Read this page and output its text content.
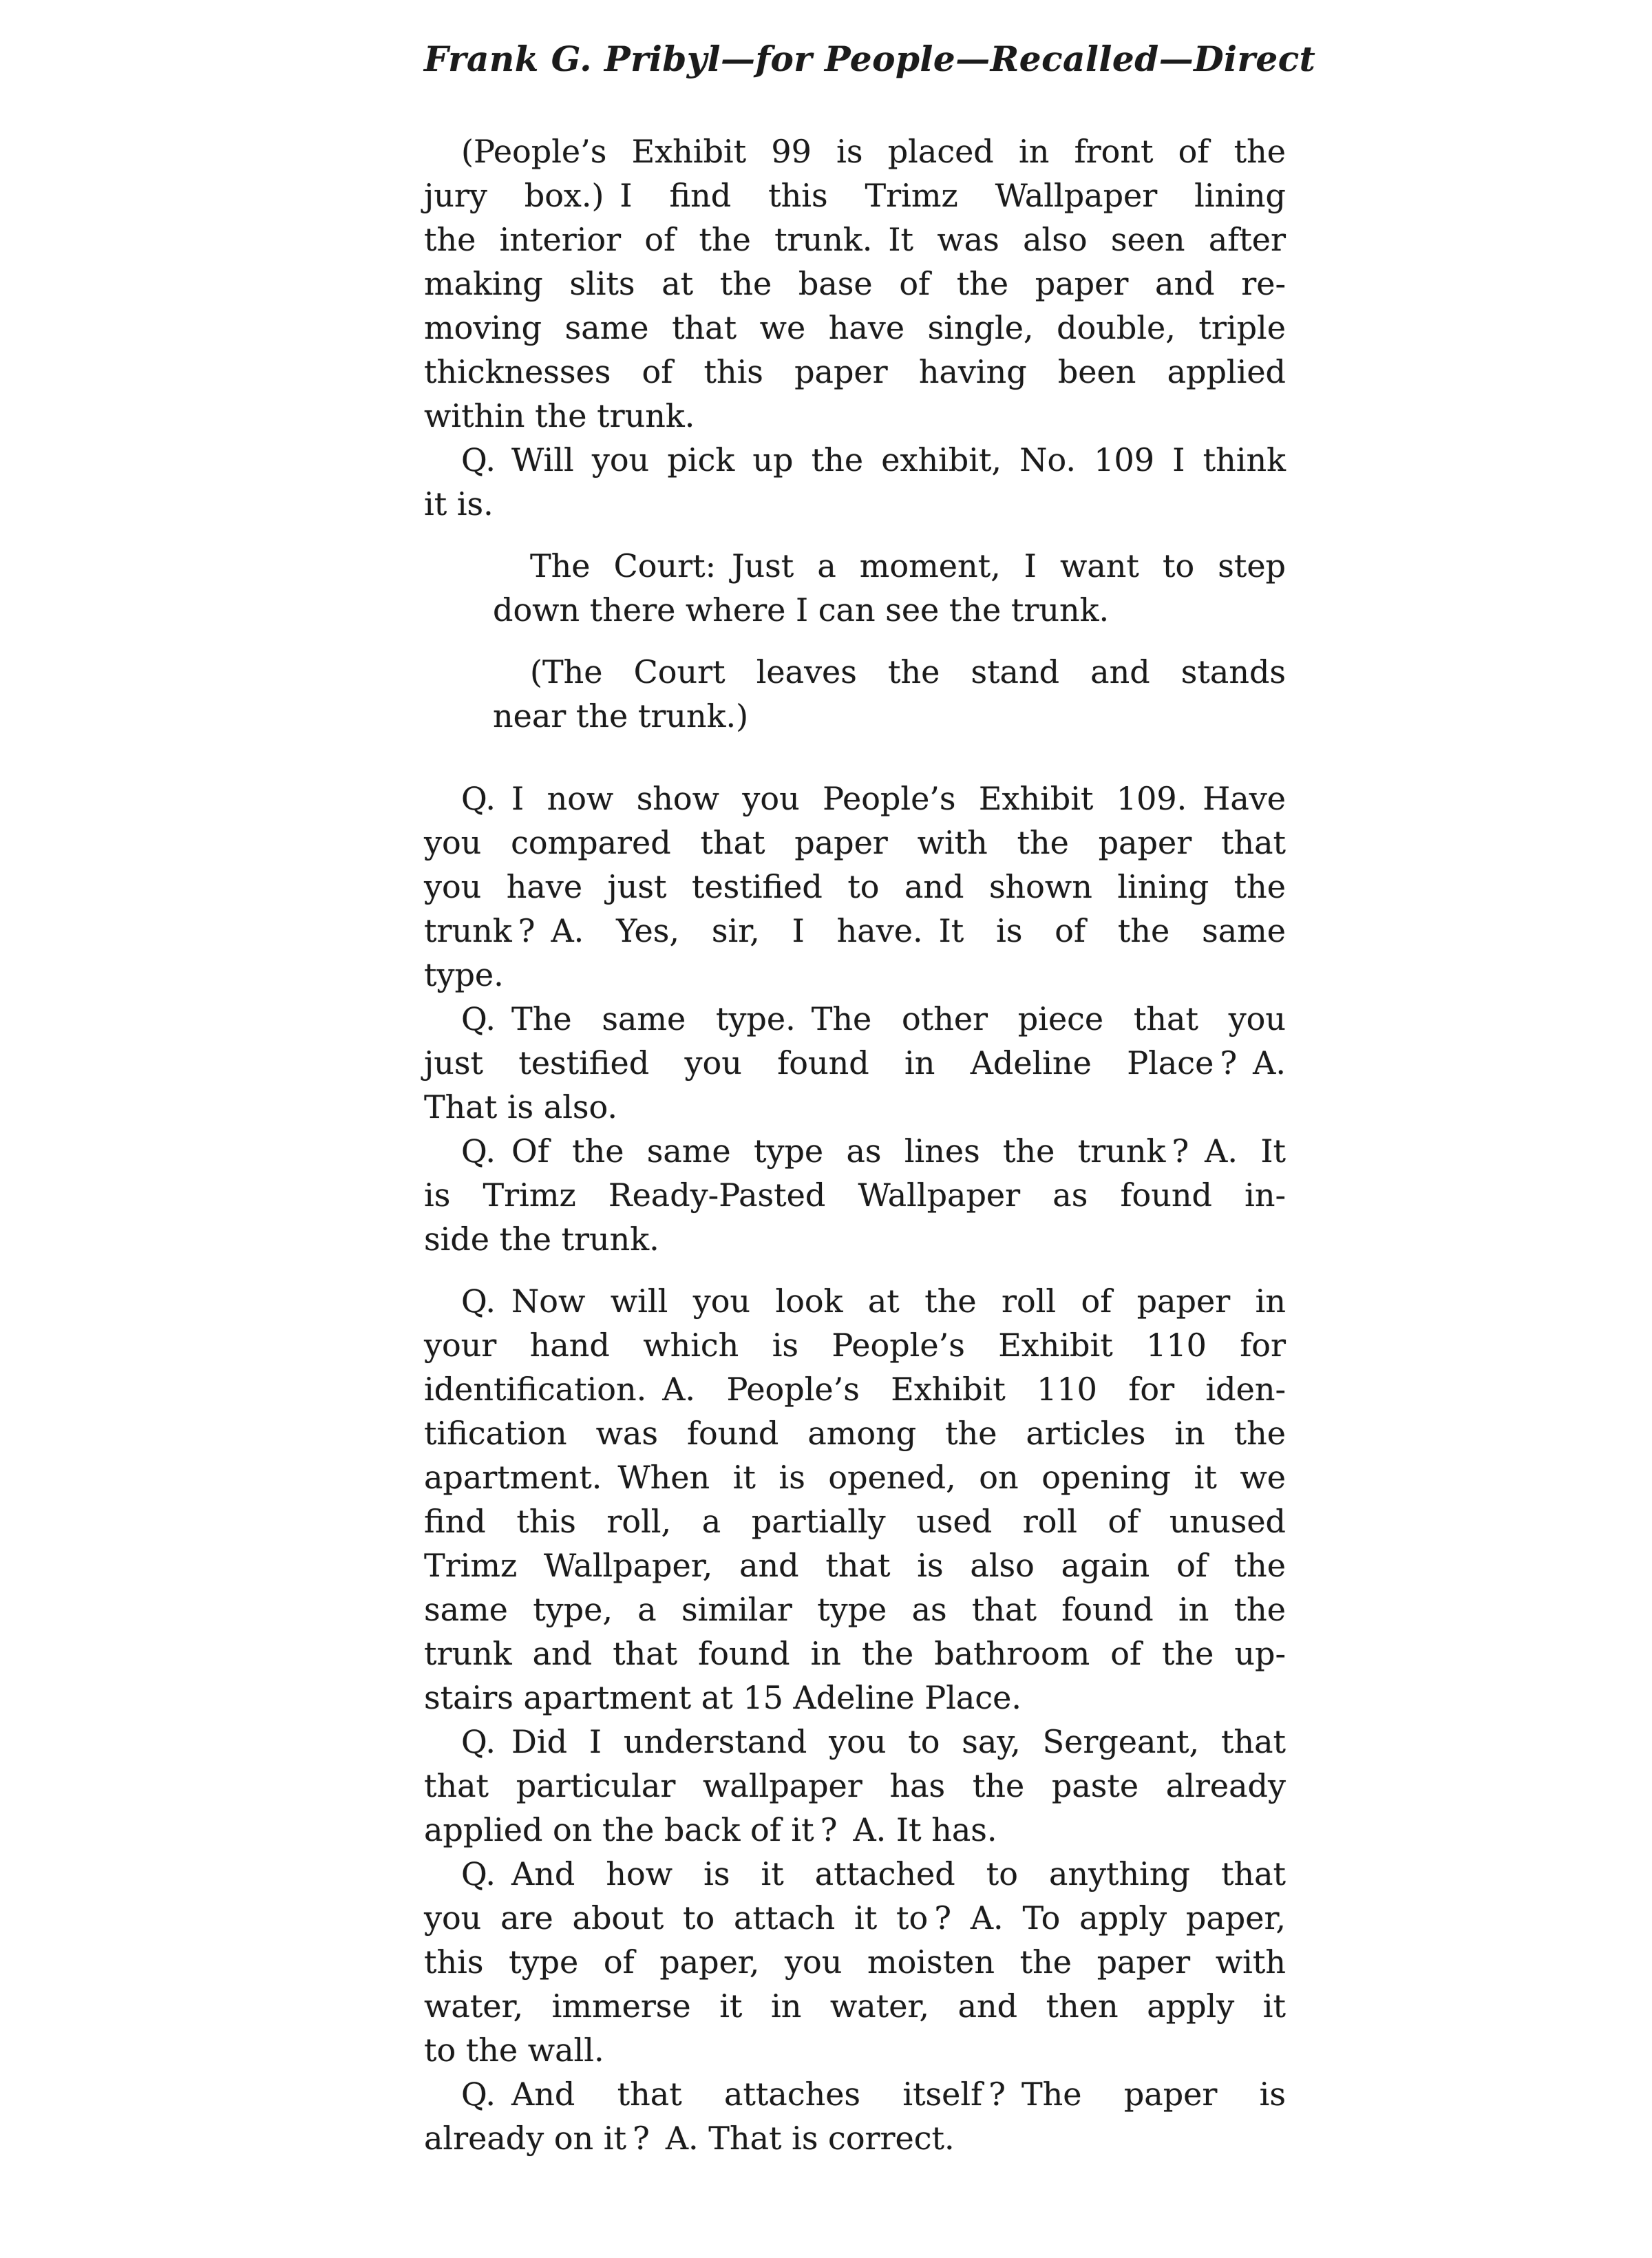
Frank G. Pribyl—for People—Recalled—Direct
(People’s Exhibit 99 is placed in front of the
jury box.) I find this Trimz Wallpaper lining
the interior of the trunk. It was also seen after
making slits at the base of the paper and re-
moving same that we have single, double, triple
thicknesses of this paper having been applied
within the trunk.
Q. Will you pick up the exhibit, No. 109 I think
it is.
The Court: Just a moment, I want to step
down there where I can see the trunk.
(The Court leaves the stand and stands
near the trunk.)
Q. I now show you People’s Exhibit 109. Have
you compared that paper with the paper that
you have just testified to and shown lining the
trunk ? A. Yes, sir, I have. It is of the same
type.
Q. The same type. The other piece that you
just testified you found in Adeline Place ? A.
That is also.
Q. Of the same type as lines the trunk ? A. It
is Trimz Ready-Pasted Wallpaper as found in-
side the trunk.
Q. Now will you look at the roll of paper in
your hand which is People’s Exhibit 110 for
identification. A. People’s Exhibit 110 for iden-
tification was found among the articles in the
apartment. When it is opened, on opening it we
find this roll, a partially used roll of unused
Trimz Wallpaper, and that is also again of the
same type, a similar type as that found in the
trunk and that found in the bathroom of the up-
stairs apartment at 15 Adeline Place.
Q. Did I understand you to say, Sergeant, that
that particular wallpaper has the paste already
applied on the back of it ? A. It has.
Q. And how is it attached to anything that
you are about to attach it to ? A. To apply paper,
this type of paper, you moisten the paper with
water, immerse it in water, and then apply it
to the wall.
Q. And that attaches itself ? The paper is
already on it ? A. That is correct.
